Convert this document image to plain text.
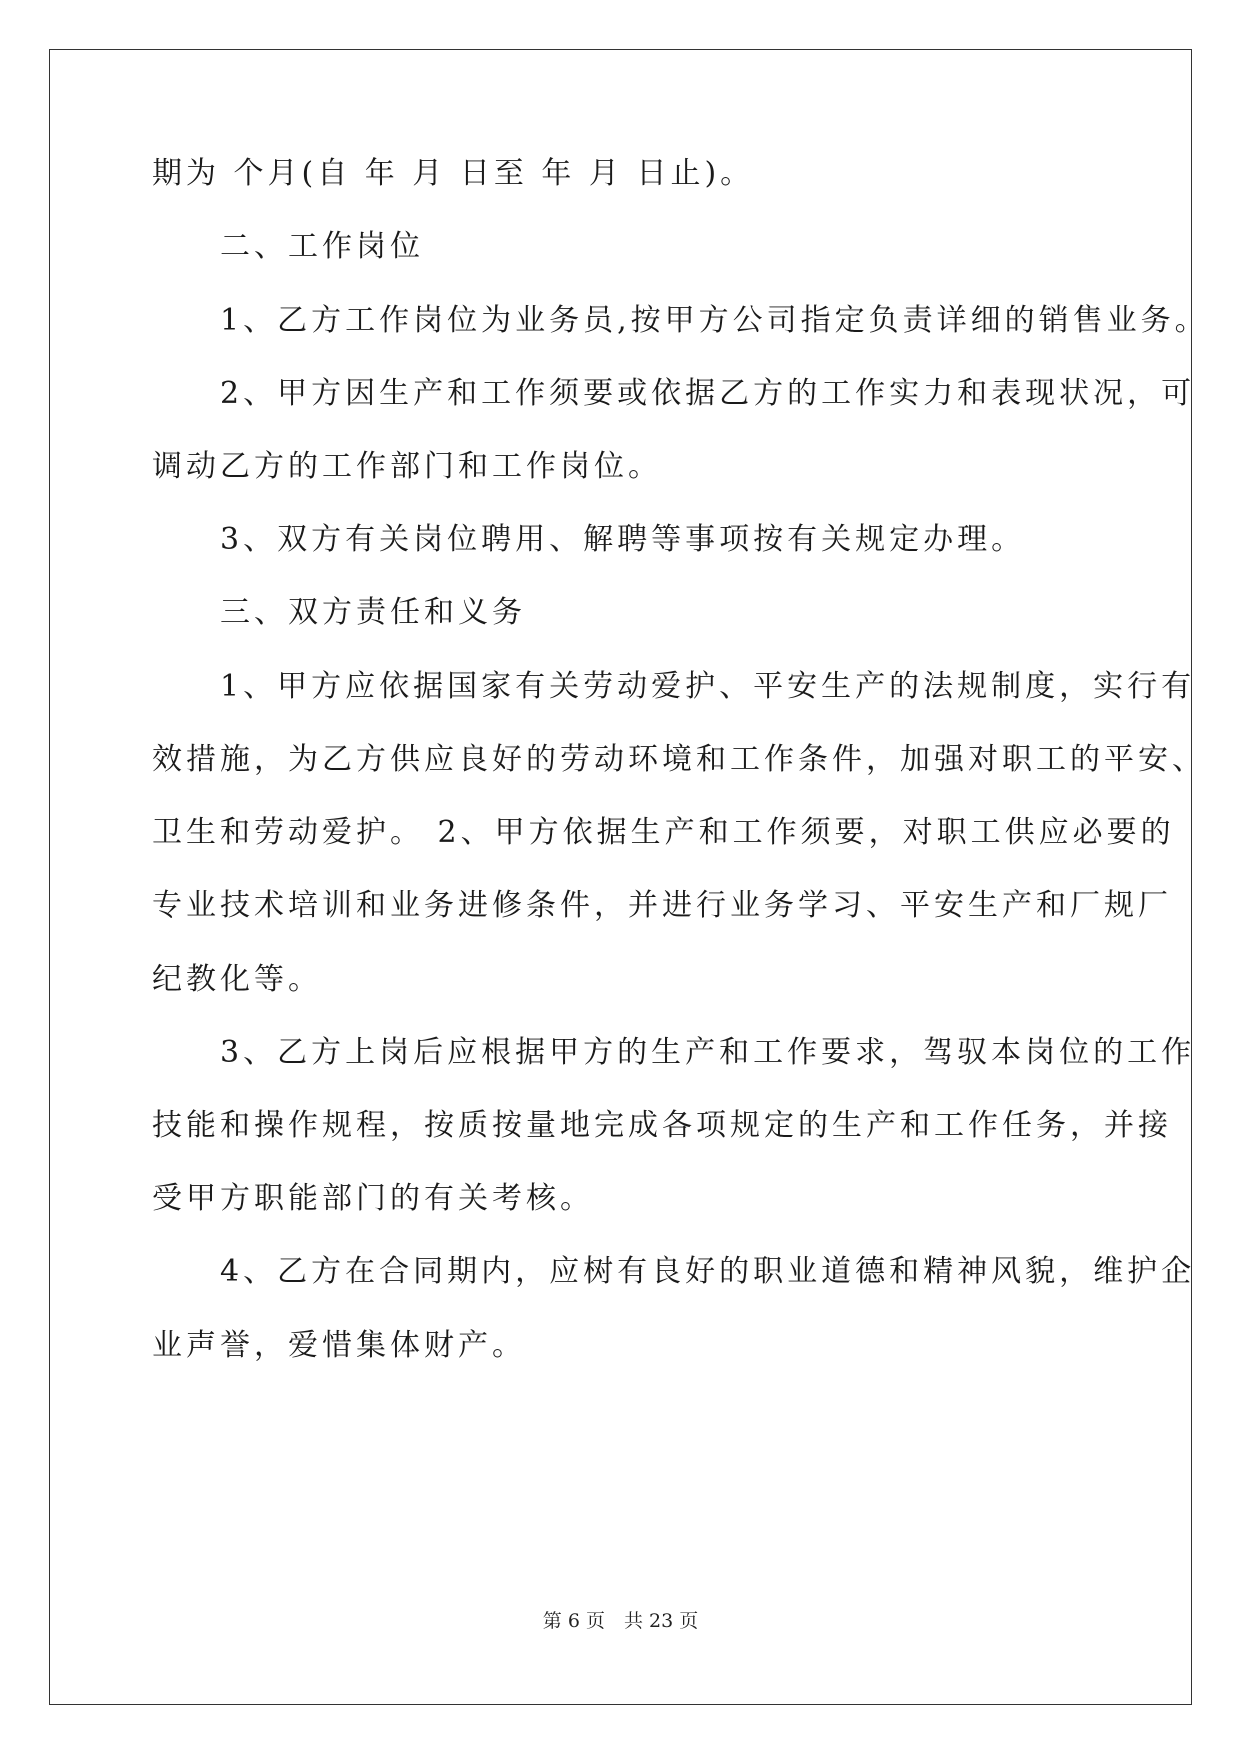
期为 个月(自 年 月 日至 年 月 日止)。
　　二、工作岗位
　　1、乙方工作岗位为业务员,按甲方公司指定负责详细的销售业务。
　　2、甲方因生产和工作须要或依据乙方的工作实力和表现状况，可
调动乙方的工作部门和工作岗位。
　　3、双方有关岗位聘用、解聘等事项按有关规定办理。
　　三、双方责任和义务
　　1、甲方应依据国家有关劳动爱护、平安生产的法规制度，实行有
效措施，为乙方供应良好的劳动环境和工作条件，加强对职工的平安、
卫生和劳动爱护。 2、甲方依据生产和工作须要，对职工供应必要的
专业技术培训和业务进修条件，并进行业务学习、平安生产和厂规厂
纪教化等。
　　3、乙方上岗后应根据甲方的生产和工作要求，驾驭本岗位的工作
技能和操作规程，按质按量地完成各项规定的生产和工作任务，并接
受甲方职能部门的有关考核。
　　4、乙方在合同期内，应树有良好的职业道德和精神风貌，维护企
业声誉，爱惜集体财产。
第 6 页　共 23 页
